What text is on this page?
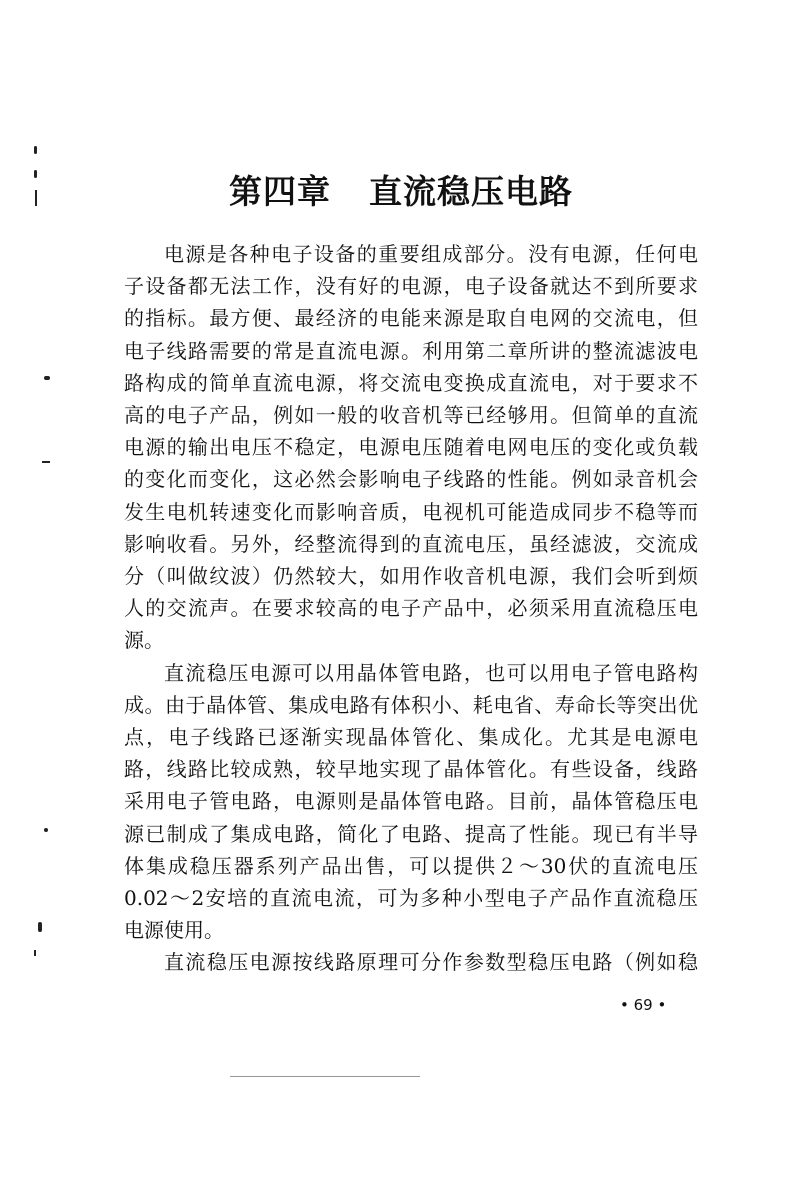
第四章 直流稳压电路

电源是各种电子设备的重要组成部分。没有电源，任何电
子设备都无法工作，没有好的电源，电子设备就达不到所要求
的指标。最方便、最经济的电能来源是取自电网的交流电，但
电子线路需要的常是直流电源。利用第二章所讲的整流滤波电
路构成的简单直流电源，将交流电变换成直流电，对于要求不
高的电子产品，例如一般的收音机等已经够用。但简单的直流
电源的输出电压不稳定，电源电压随着电网电压的变化或负载
的变化而变化，这必然会影响电子线路的性能。例如录音机会
发生电机转速变化而影响音质，电视机可能造成同步不稳等而
影响收看。另外，经整流得到的直流电压，虽经滤波，交流成
分（叫做纹波）仍然较大，如用作收音机电源，我们会听到烦
人的交流声。在要求较高的电子产品中，必须采用直流稳压电
源。

直流稳压电源可以用晶体管电路，也可以用电子管电路构
成。由于晶体管、集成电路有体积小、耗电省、寿命长等突出优
点，电子线路已逐渐实现晶体管化、集成化。尤其是电源电
路，线路比较成熟，较早地实现了晶体管化。有些设备，线路
采用电子管电路，电源则是晶体管电路。目前，晶体管稳压电
源已制成了集成电路，简化了电路、提高了性能。现已有半导
体集成稳压器系列产品出售，可以提供２～30伏的直流电压
0.02～2安培的直流电流，可为多种小型电子产品作直流稳压
电源使用。

直流稳压电源按线路原理可分作参数型稳压电路（例如稳

• 69 •
